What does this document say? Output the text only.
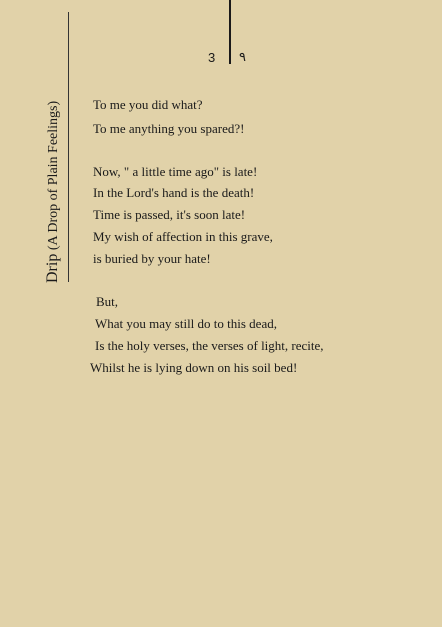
3 ٩
Drip (A Drop of Plain Feelings) To me you did what?
To me anything you spared?!
Now, " a little time ago" is late!
In the Lord's hand is the death!
Time is passed, it's soon late!
My wish of affection in this grave,
is buried by your hate!
But,
What you may still do to this dead,
Is the holy verses, the verses of light, recite,
Whilst he is lying down on his soil bed!
